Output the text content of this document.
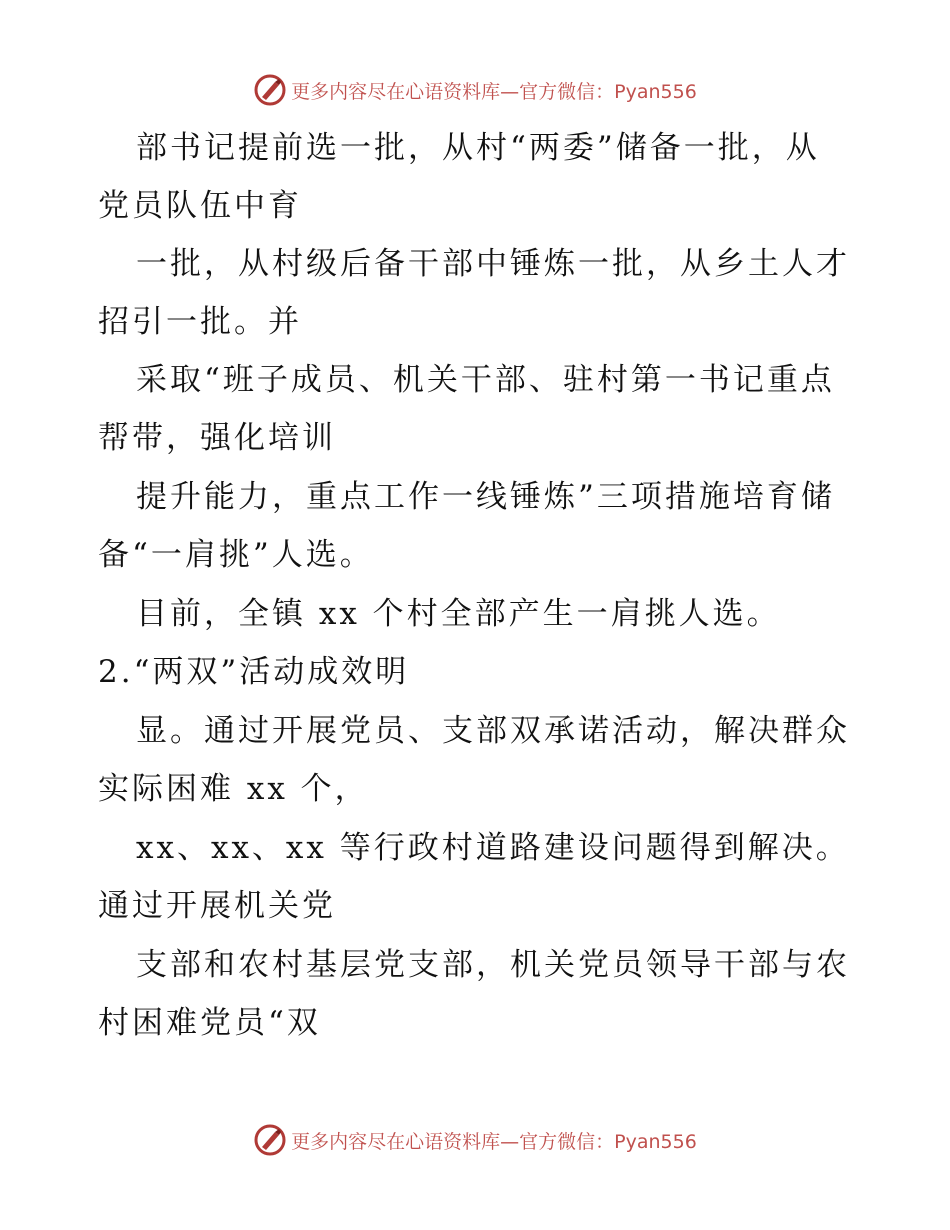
更多内容尽在心语资料库—官方微信：Pyan556
部书记提前选一批，从村“两委”储备一批，从
党员队伍中育
一批，从村级后备干部中锤炼一批，从乡土人才
招引一批。并
采取“班子成员、机关干部、驻村第一书记重点
帮带，强化培训
提升能力，重点工作一线锤炼”三项措施培育储
备“一肩挑”人选。
目前，全镇 xx 个村全部产生一肩挑人选。
2.“两双”活动成效明
显。通过开展党员、支部双承诺活动，解决群众
实际困难 xx 个，
xx、xx、xx 等行政村道路建设问题得到解决。
通过开展机关党
支部和农村基层党支部，机关党员领导干部与农
村困难党员“双
更多内容尽在心语资料库—官方微信：Pyan556
